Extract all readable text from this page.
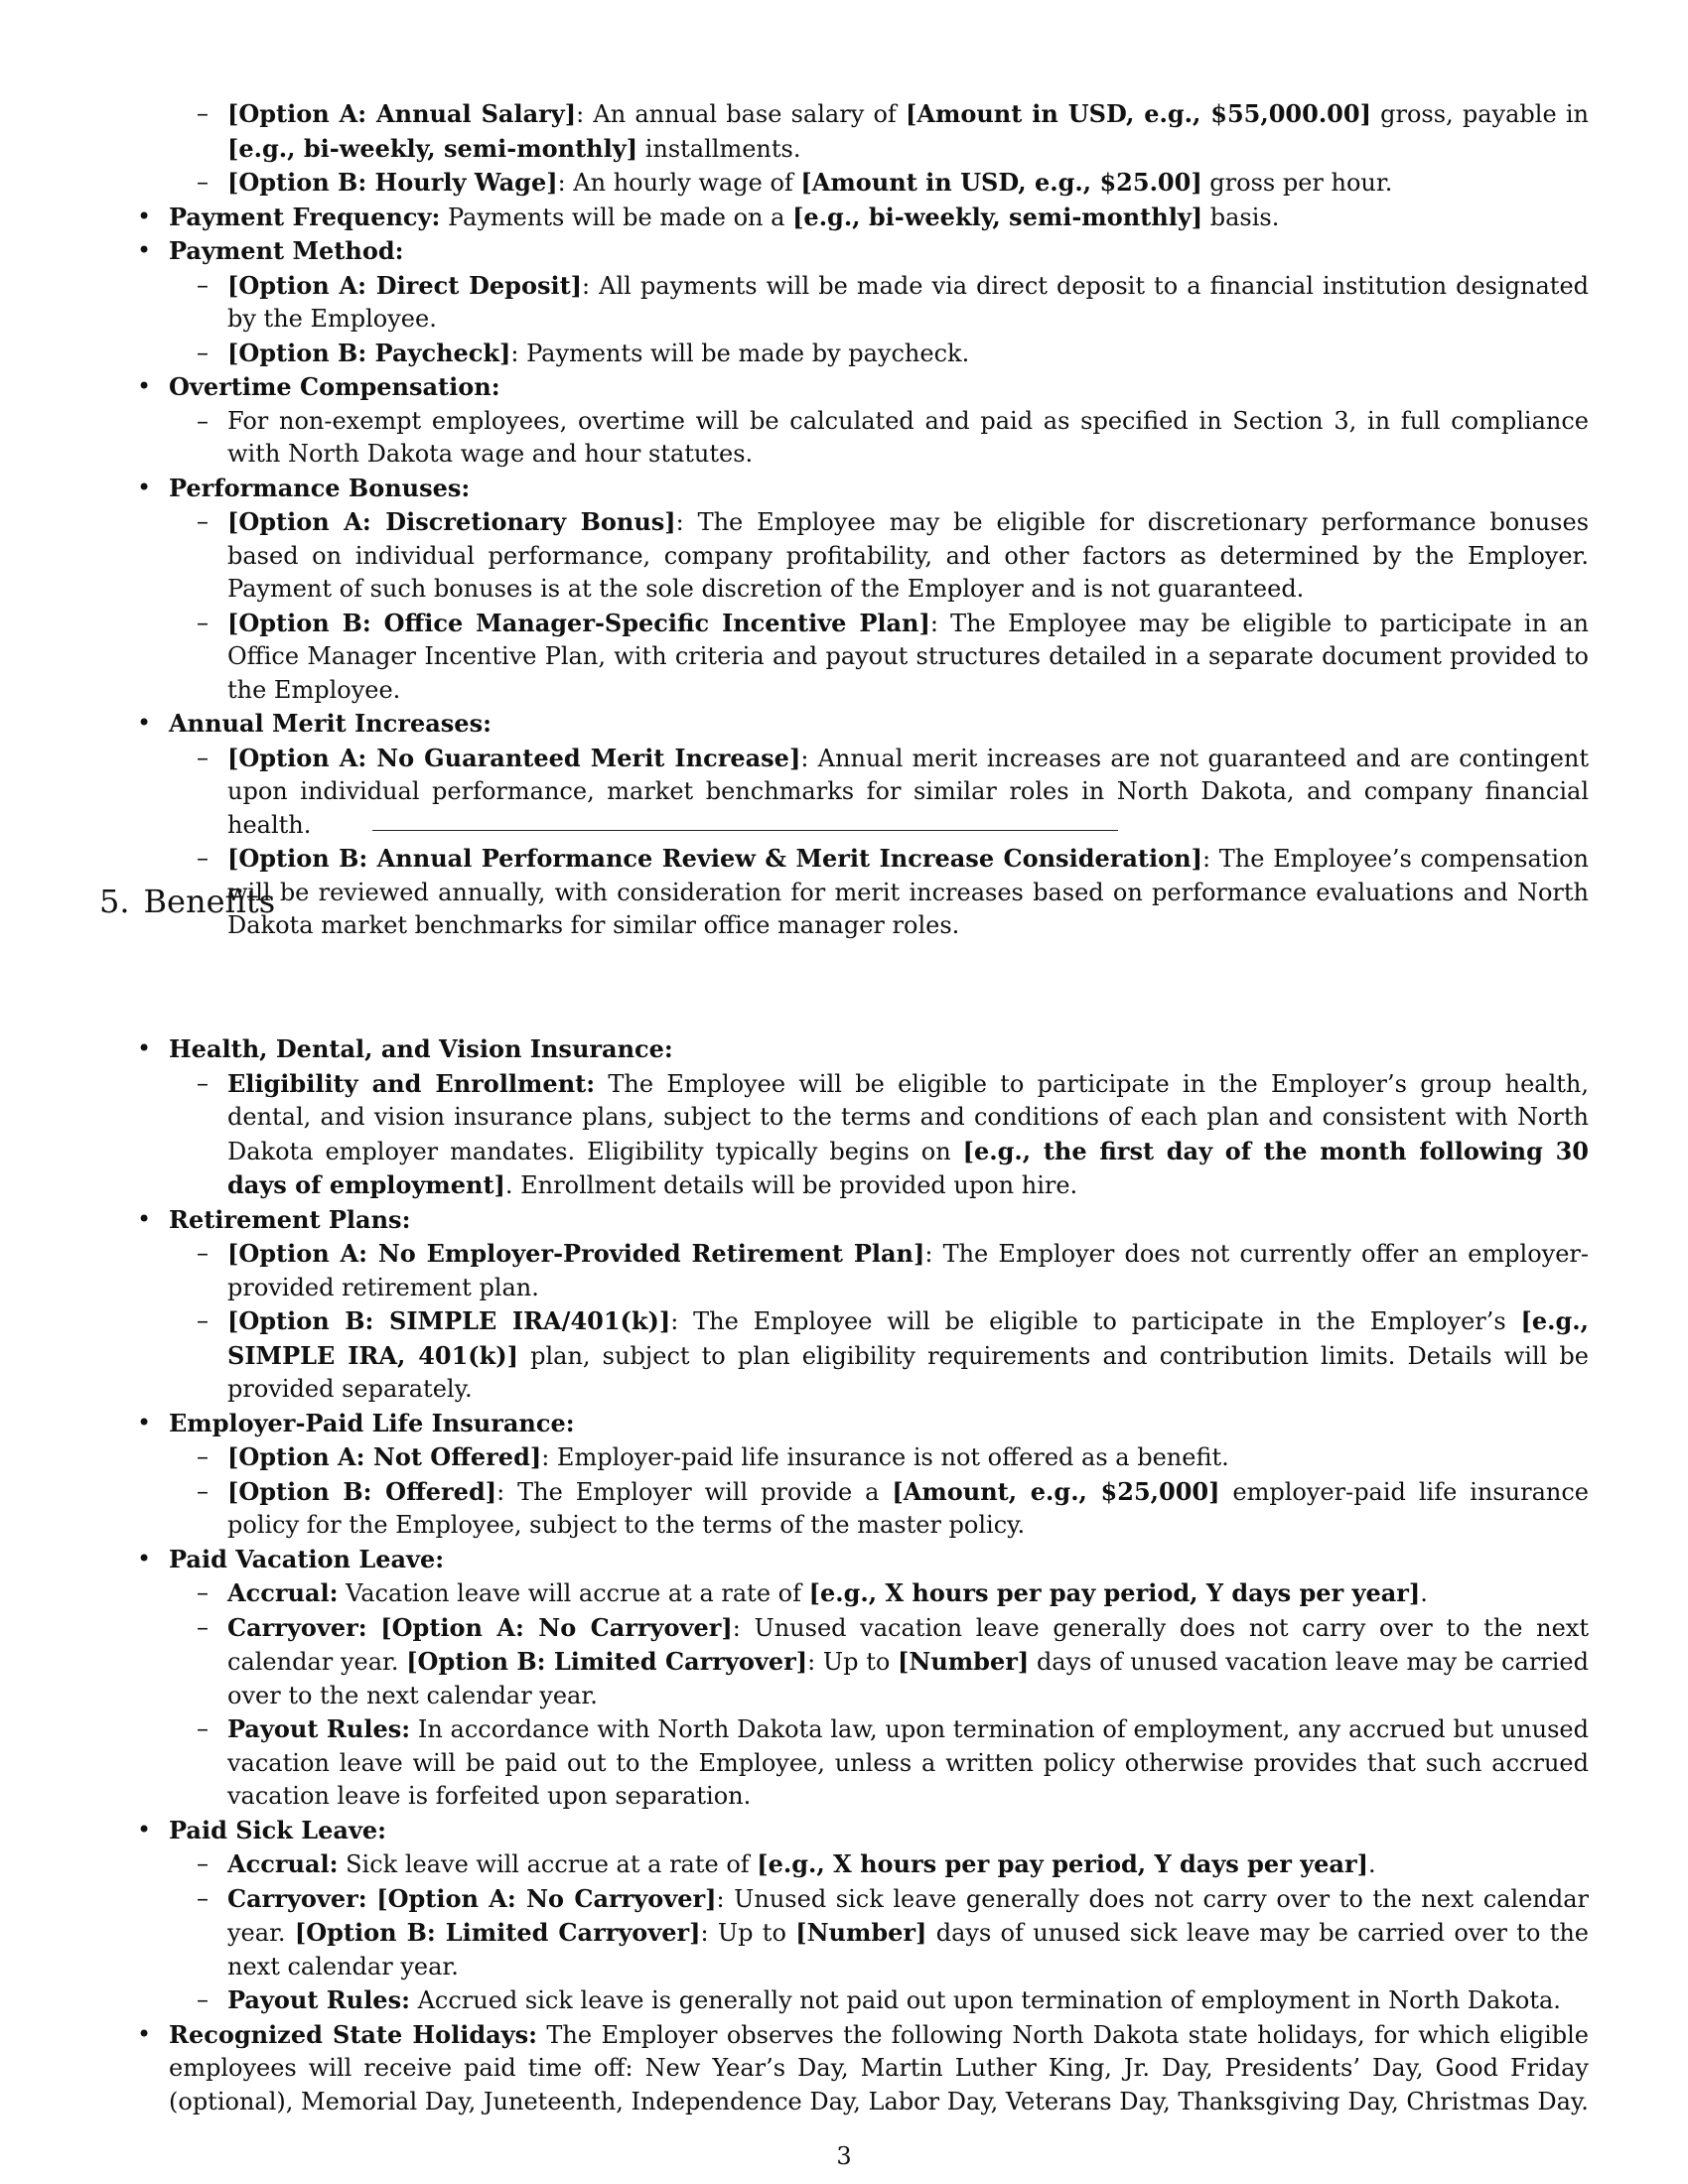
– [Option A: Annual Salary]: An annual base salary of [Amount in USD, e.g., $55,000.00] gross, payable in [e.g., bi-weekly, semi-monthly] installments.
– [Option B: Hourly Wage]: An hourly wage of [Amount in USD, e.g., $25.00] gross per hour.
• Payment Frequency: Payments will be made on a [e.g., bi-weekly, semi-monthly] basis.
• Payment Method:
– [Option A: Direct Deposit]: All payments will be made via direct deposit to a financial institution designated by the Employee.
– [Option B: Paycheck]: Payments will be made by paycheck.
• Overtime Compensation:
– For non-exempt employees, overtime will be calculated and paid as specified in Section 3, in full compliance with North Dakota wage and hour statutes.
• Performance Bonuses:
– [Option A: Discretionary Bonus]: The Employee may be eligible for discretionary performance bonuses based on individual performance, company profitability, and other factors as determined by the Employer. Payment of such bonuses is at the sole discretion of the Employer and is not guaranteed.
– [Option B: Office Manager-Specific Incentive Plan]: The Employee may be eligible to participate in an Office Manager Incentive Plan, with criteria and payout structures detailed in a separate document provided to the Employee.
• Annual Merit Increases:
– [Option A: No Guaranteed Merit Increase]: Annual merit increases are not guaranteed and are contingent upon individual performance, market benchmarks for similar roles in North Dakota, and company financial health.
– [Option B: Annual Performance Review & Merit Increase Consideration]: The Employee’s compensation will be reviewed annually, with consideration for merit increases based on performance evaluations and North Dakota market benchmarks for similar office manager roles.
5. Benefits
• Health, Dental, and Vision Insurance:
– Eligibility and Enrollment: The Employee will be eligible to participate in the Employer’s group health, dental, and vision insurance plans, subject to the terms and conditions of each plan and consistent with North Dakota employer mandates. Eligibility typically begins on [e.g., the first day of the month following 30 days of employment]. Enrollment details will be provided upon hire.
• Retirement Plans:
– [Option A: No Employer-Provided Retirement Plan]: The Employer does not currently offer an employer-provided retirement plan.
– [Option B: SIMPLE IRA/401(k)]: The Employee will be eligible to participate in the Employer’s [e.g., SIMPLE IRA, 401(k)] plan, subject to plan eligibility requirements and contribution limits. Details will be provided separately.
• Employer-Paid Life Insurance:
– [Option A: Not Offered]: Employer-paid life insurance is not offered as a benefit.
– [Option B: Offered]: The Employer will provide a [Amount, e.g., $25,000] employer-paid life insurance policy for the Employee, subject to the terms of the master policy.
• Paid Vacation Leave:
– Accrual: Vacation leave will accrue at a rate of [e.g., X hours per pay period, Y days per year].
– Carryover: [Option A: No Carryover]: Unused vacation leave generally does not carry over to the next calendar year. [Option B: Limited Carryover]: Up to [Number] days of unused vacation leave may be carried over to the next calendar year.
– Payout Rules: In accordance with North Dakota law, upon termination of employment, any accrued but unused vacation leave will be paid out to the Employee, unless a written policy otherwise provides that such accrued vacation leave is forfeited upon separation.
• Paid Sick Leave:
– Accrual: Sick leave will accrue at a rate of [e.g., X hours per pay period, Y days per year].
– Carryover: [Option A: No Carryover]: Unused sick leave generally does not carry over to the next calendar year. [Option B: Limited Carryover]: Up to [Number] days of unused sick leave may be carried over to the next calendar year.
– Payout Rules: Accrued sick leave is generally not paid out upon termination of employment in North Dakota.
• Recognized State Holidays: The Employer observes the following North Dakota state holidays, for which eligible employees will receive paid time off: New Year’s Day, Martin Luther King, Jr. Day, Presidents’ Day, Good Friday (optional), Memorial Day, Juneteenth, Independence Day, Labor Day, Veterans Day, Thanksgiving Day, Christmas Day.
3
